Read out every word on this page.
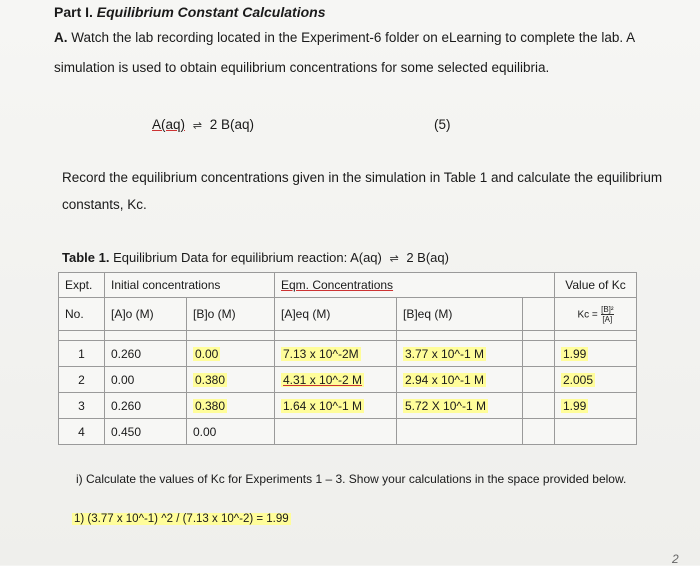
Part I. Equilibrium Constant Calculations
A. Watch the lab recording located in the Experiment-6 folder on eLearning to complete the lab. A
simulation is used to obtain equilibrium concentrations for some selected equilibria.
A(aq) ⇌ 2 B(aq)	(5)
Record the equilibrium concentrations given in the simulation in Table 1 and calculate the equilibrium
constants, Kc.
Table 1. Equilibrium Data for equilibrium reaction: A(aq) ⇌ 2 B(aq)
Expt.	Initial concentrations		Eqm. Concentrations			Value of Kc
No.	[A]o (M)	[B]o (M)	[A]eq (M)	[B]eq (M)		$Kc = \frac{\text{[B]²}}{[A]}$

1	0.260	0.00	7.13 x 10^-2M	3.77 x 10^-1 M		1.99
2	0.00	0.380	4.31 x 10^-2 M	2.94 x 10^-1 M		2.005
3	0.260	0.380	1.64 x 10^-1 M	5.72 X 10^-1 M		1.99
4	0.450	0.00				
i) Calculate the values of Kc for Experiments 1 – 3. Show your calculations in the space provided below.
1) (3.77 x 10^-1) ^2 / (7.13 x 10^-2) = 1.99
2
